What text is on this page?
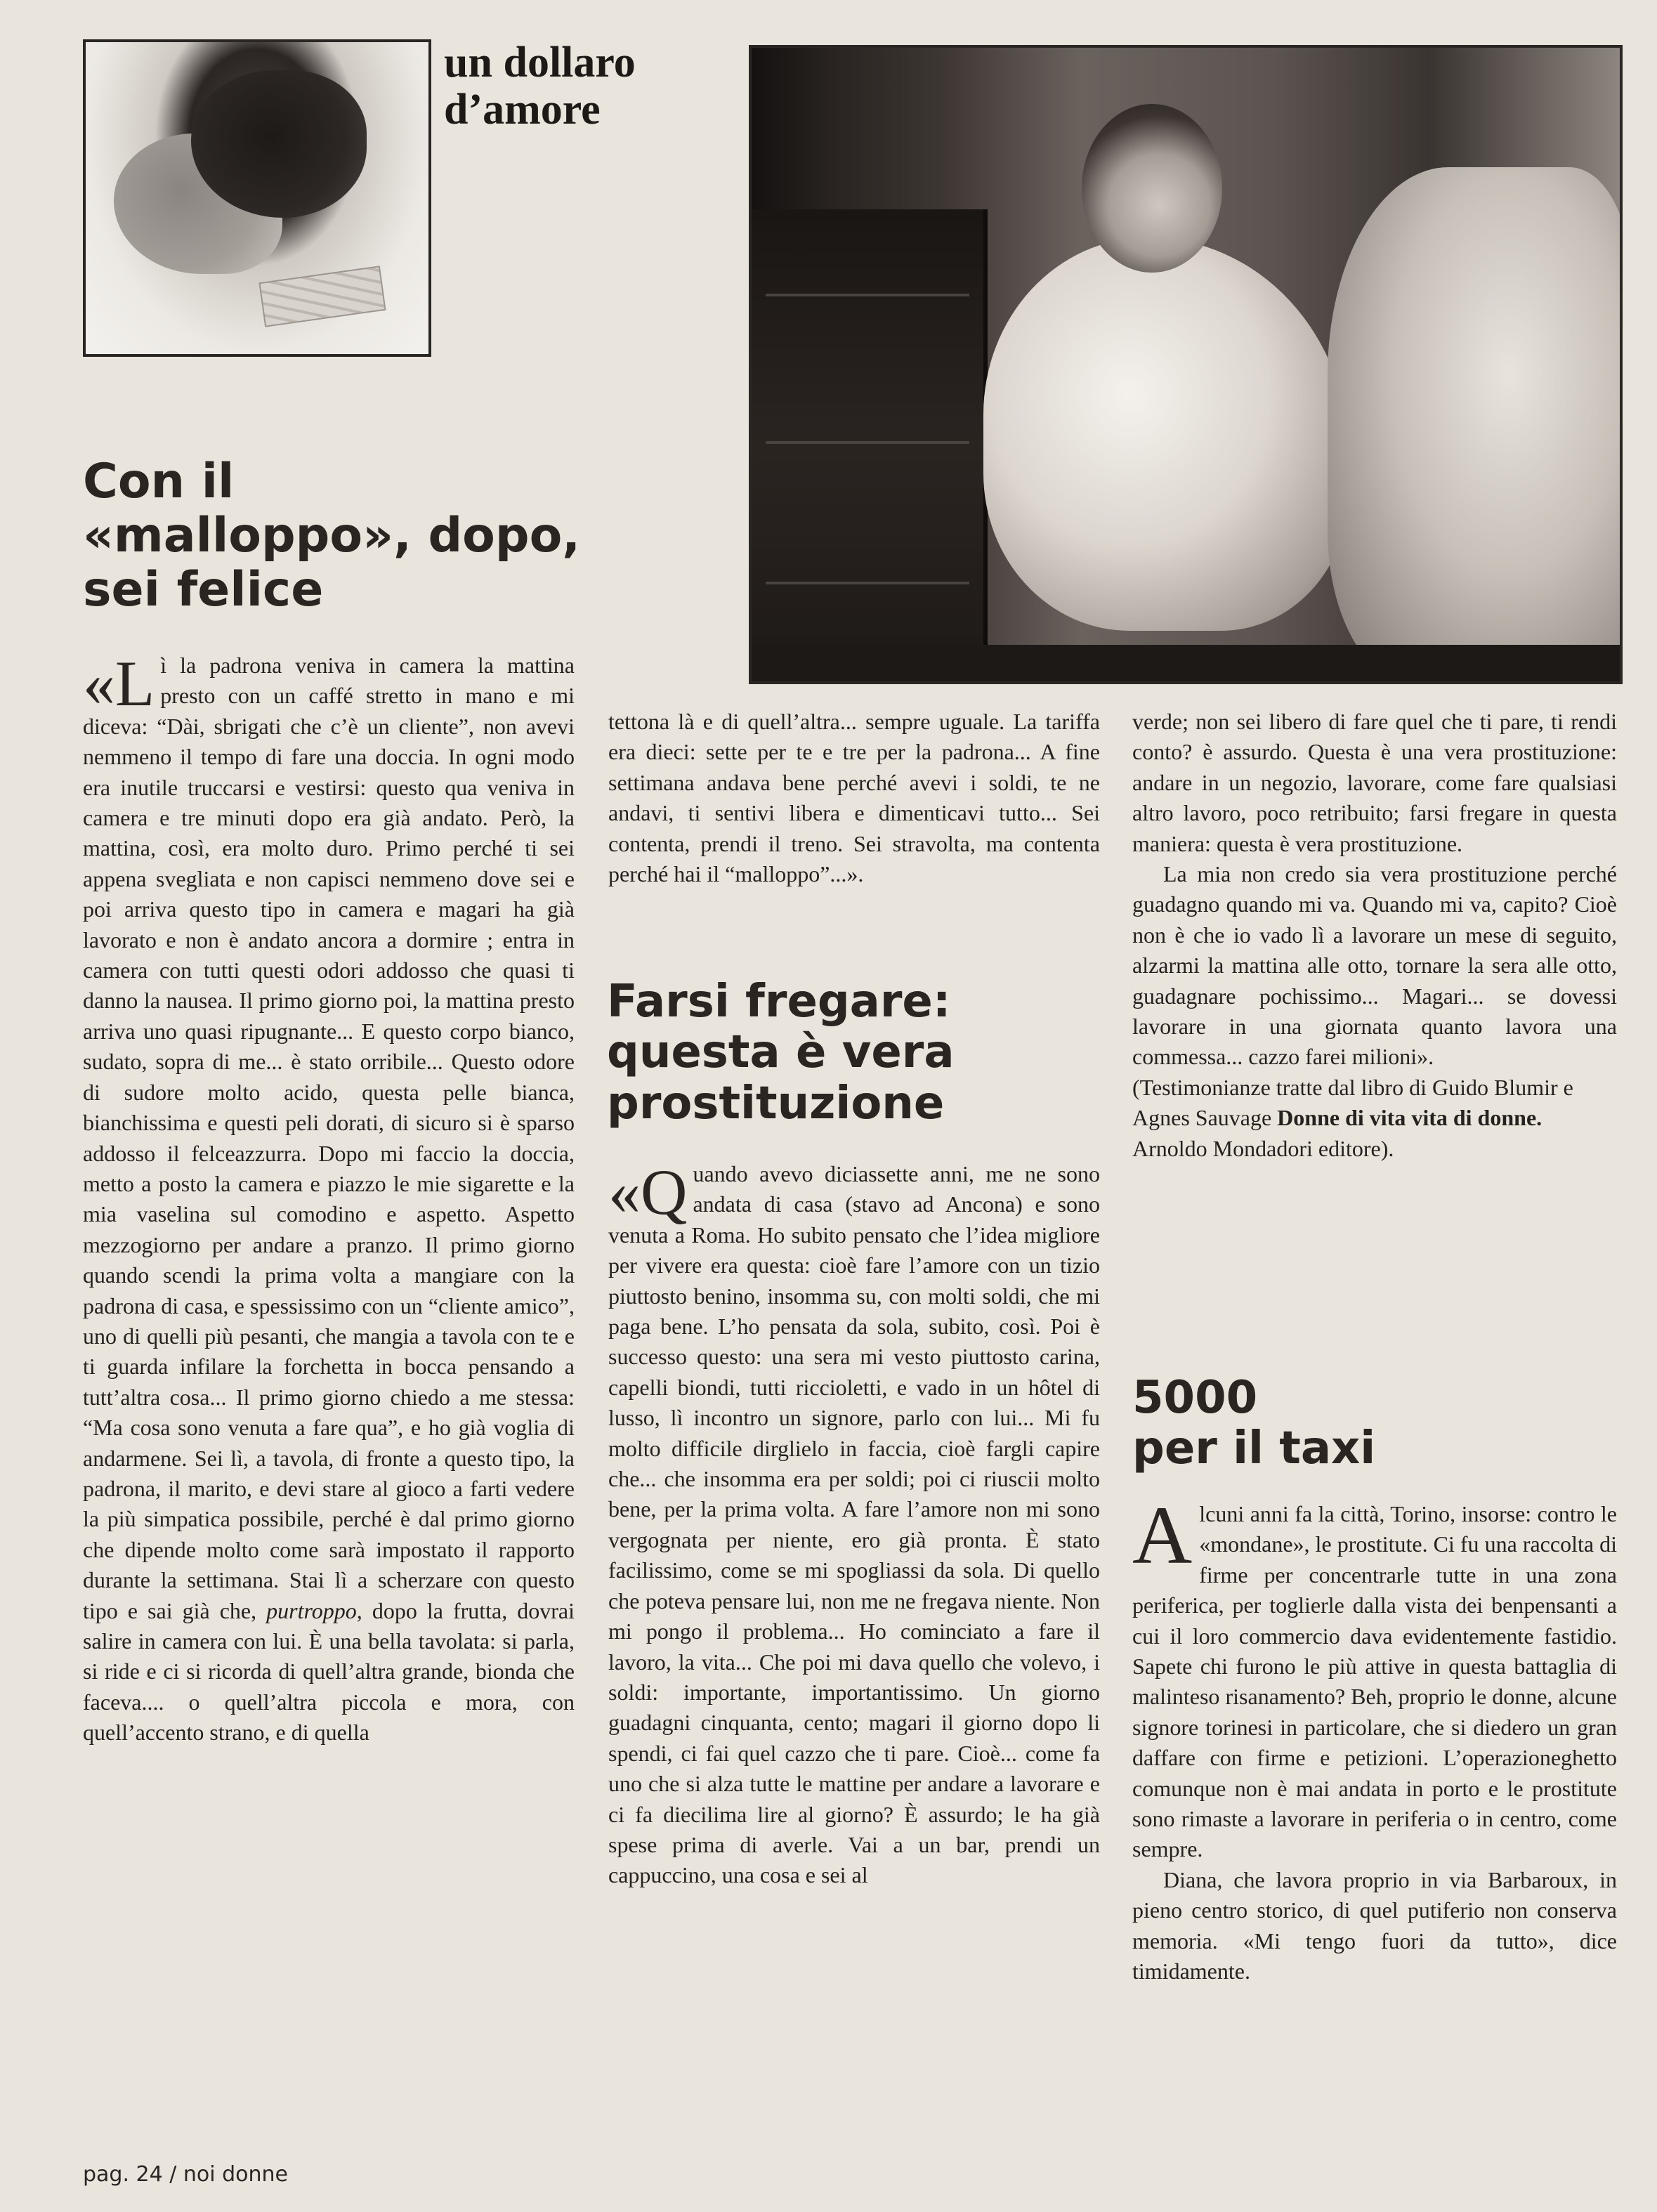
un dollaro
d’amore
Con il
«malloppo», dopo,
sei felice

«L ì la padrona veniva in camera la mattina presto con un caffé stretto in mano e mi diceva: “Dài, sbrigati che c’è un cliente”, non avevi nemmeno il tempo di fare una doccia. In ogni modo era inutile truccarsi e vestirsi: questo qua veniva in camera e tre minuti dopo era già andato. Però, la mattina, così, era molto duro. Primo perché ti sei appena svegliata e non capisci nemmeno dove sei e poi arriva questo tipo in camera e magari ha già lavorato e non è andato ancora a dormire ; entra in camera con tutti questi odori addosso che quasi ti danno la nausea. Il primo giorno poi, la mattina presto arriva uno quasi ripugnante... E questo corpo bianco, sudato, sopra di me... è stato orribile... Questo odore di sudore molto acido, questa pelle bianca, bianchissima e questi peli dorati, di sicuro si è sparso addosso il felceazzurra. Dopo mi faccio la doccia, metto a posto la camera e piazzo le mie sigarette e la mia vaselina sul comodino e aspetto. Aspetto mezzogiorno per andare a pranzo. Il primo giorno quando scendi la prima volta a mangiare con la padrona di casa, e spessissimo con un “cliente amico”, uno di quelli più pesanti, che mangia a tavola con te e ti guarda infilare la forchetta in bocca pensando a tutt’altra cosa... Il primo giorno chiedo a me stessa: “Ma cosa sono venuta a fare qua”, e ho già voglia di andarmene. Sei lì, a tavola, di fronte a questo tipo, la padrona, il marito, e devi stare al gioco a farti vedere la più simpatica possibile, perché è dal primo giorno che dipende molto come sarà impostato il rapporto durante la settimana. Stai lì a scherzare con questo tipo e sai già che, purtroppo, dopo la frutta, dovrai salire in camera con lui. È una bella tavolata: si parla, si ride e ci si ricorda di quell’altra grande, bionda che faceva.... o quell’altra piccola e mora, con quell’accento strano, e di quella

tettona là e di quell’altra... sempre uguale. La tariffa era dieci: sette per te e tre per la padrona... A fine settimana andava bene perché avevi i soldi, te ne andavi, ti sentivi libera e dimenticavi tutto... Sei contenta, prendi il treno. Sei stravolta, ma contenta perché hai il “malloppo”...».

Farsi fregare:
questa è vera
prostituzione

«Q uando avevo diciassette anni, me ne sono andata di casa (stavo ad Ancona) e sono venuta a Roma. Ho subito pensato che l’idea migliore per vivere era questa: cioè fare l’amore con un tizio piuttosto benino, insomma su, con molti soldi, che mi paga bene. L’ho pensata da sola, subito, così. Poi è successo questo: una sera mi vesto piuttosto carina, capelli biondi, tutti riccioletti, e vado in un hôtel di lusso, lì incontro un signore, parlo con lui... Mi fu molto difficile dirglielo in faccia, cioè fargli capire che... che insomma era per soldi; poi ci riuscii molto bene, per la prima volta. A fare l’amore non mi sono vergognata per niente, ero già pronta. È stato facilissimo, come se mi spogliassi da sola. Di quello che poteva pensare lui, non me ne fregava niente. Non mi pongo il problema... Ho cominciato a fare il lavoro, la vita... Che poi mi dava quello che volevo, i soldi: importante, importantissimo. Un giorno guadagni cinquanta, cento; magari il giorno dopo li spendi, ci fai quel cazzo che ti pare. Cioè... come fa uno che si alza tutte le mattine per andare a lavorare e ci fa diecilima lire al giorno? È assurdo; le ha già spese prima di averle. Vai a un bar, prendi un cappuccino, una cosa e sei al

verde; non sei libero di fare quel che ti pare, ti rendi conto? è assurdo. Questa è una vera prostituzione: andare in un negozio, lavorare, come fare qualsiasi altro lavoro, poco retribuito; farsi fregare in questa maniera: questa è vera prostituzione.

La mia non credo sia vera prostituzione perché guadagno quando mi va. Quando mi va, capito? Cioè non è che io vado lì a lavorare un mese di seguito, alzarmi la mattina alle otto, tornare la sera alle otto, guadagnare pochissimo... Magari... se dovessi lavorare in una giornata quanto lavora una commessa... cazzo farei milioni».

(Testimonianze tratte dal libro di Guido Blumir e Agnes Sauvage Donne di vita vita di donne. Arnoldo Mondadori editore).

5000
per il taxi

Alcuni anni fa la città, Torino, insorse: contro le «mondane», le prostitute. Ci fu una raccolta di firme per concentrarle tutte in una zona periferica, per toglierle dalla vista dei benpensanti a cui il loro commercio dava evidentemente fastidio. Sapete chi furono le più attive in questa battaglia di malinteso risanamento? Beh, proprio le donne, alcune signore torinesi in particolare, che si diedero un gran daffare con firme e petizioni. L’operazioneghetto comunque non è mai andata in porto e le prostitute sono rimaste a lavorare in periferia o in centro, come sempre.

Diana, che lavora proprio in via Barbaroux, in pieno centro storico, di quel putiferio non conserva memoria. «Mi tengo fuori da tutto», dice timidamente.

pag. 24 / noi donne
